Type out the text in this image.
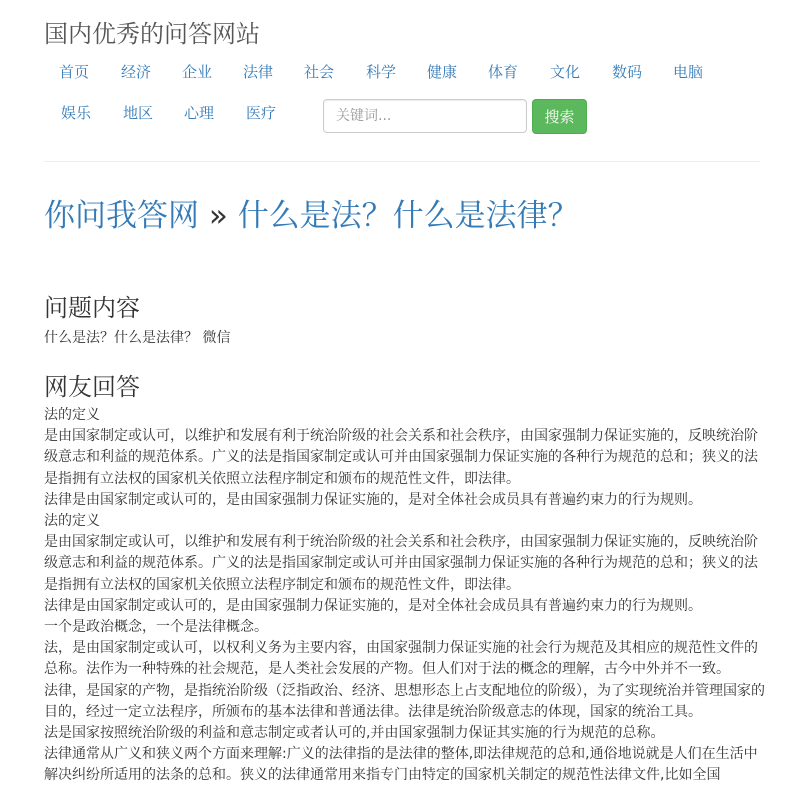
国内优秀的问答网站
首页 经济 企业 法律 社会 科学 健康 体育 文化 数码 电脑
娱乐 地区 心理 医疗
关键词...	搜索
你问我答网 » 什么是法？什么是法律？
问题内容
什么是法？什么是法律？ 微信
网友回答

法的定义

是由国家制定或认可，以维护和发展有利于统治阶级的社会关系和社会秩序，由国家强制力保证实施的，反映统治阶级意志和利益的规范体系。广义的法是指国家制定或认可并由国家强制力保证实施的各种行为规范的总和；狭义的法是指拥有立法权的国家机关依照立法程序制定和颁布的规范性文件，即法律。

法律是由国家制定或认可的，是由国家强制力保证实施的，是对全体社会成员具有普遍约束力的行为规则。

法的定义

是由国家制定或认可，以维护和发展有利于统治阶级的社会关系和社会秩序，由国家强制力保证实施的，反映统治阶级意志和利益的规范体系。广义的法是指国家制定或认可并由国家强制力保证实施的各种行为规范的总和；狭义的法是指拥有立法权的国家机关依照立法程序制定和颁布的规范性文件，即法律。

法律是由国家制定或认可的，是由国家强制力保证实施的，是对全体社会成员具有普遍约束力的行为规则。

一个是政治概念，一个是法律概念。

法，是由国家制定或认可，以权利义务为主要内容，由国家强制力保证实施的社会行为规范及其相应的规范性文件的总称。法作为一种特殊的社会规范，是人类社会发展的产物。但人们对于法的概念的理解，古今中外并不一致。

法律，是国家的产物，是指统治阶级（泛指政治、经济、思想形态上占支配地位的阶级），为了实现统治并管理国家的目的，经过一定立法程序，所颁布的基本法律和普通法律。法律是统治阶级意志的体现，国家的统治工具。

法是国家按照统治阶级的利益和意志制定或者认可的,并由国家强制力保证其实施的行为规范的总称。

法律通常从广义和狭义两个方面来理解:广义的法律指的是法律的整体,即法律规范的总和,通俗地说就是人们在生活中解决纠纷所适用的法条的总和。狭义的法律通常用来指专门由特定的国家机关制定的规范性法律文件,比如全国
